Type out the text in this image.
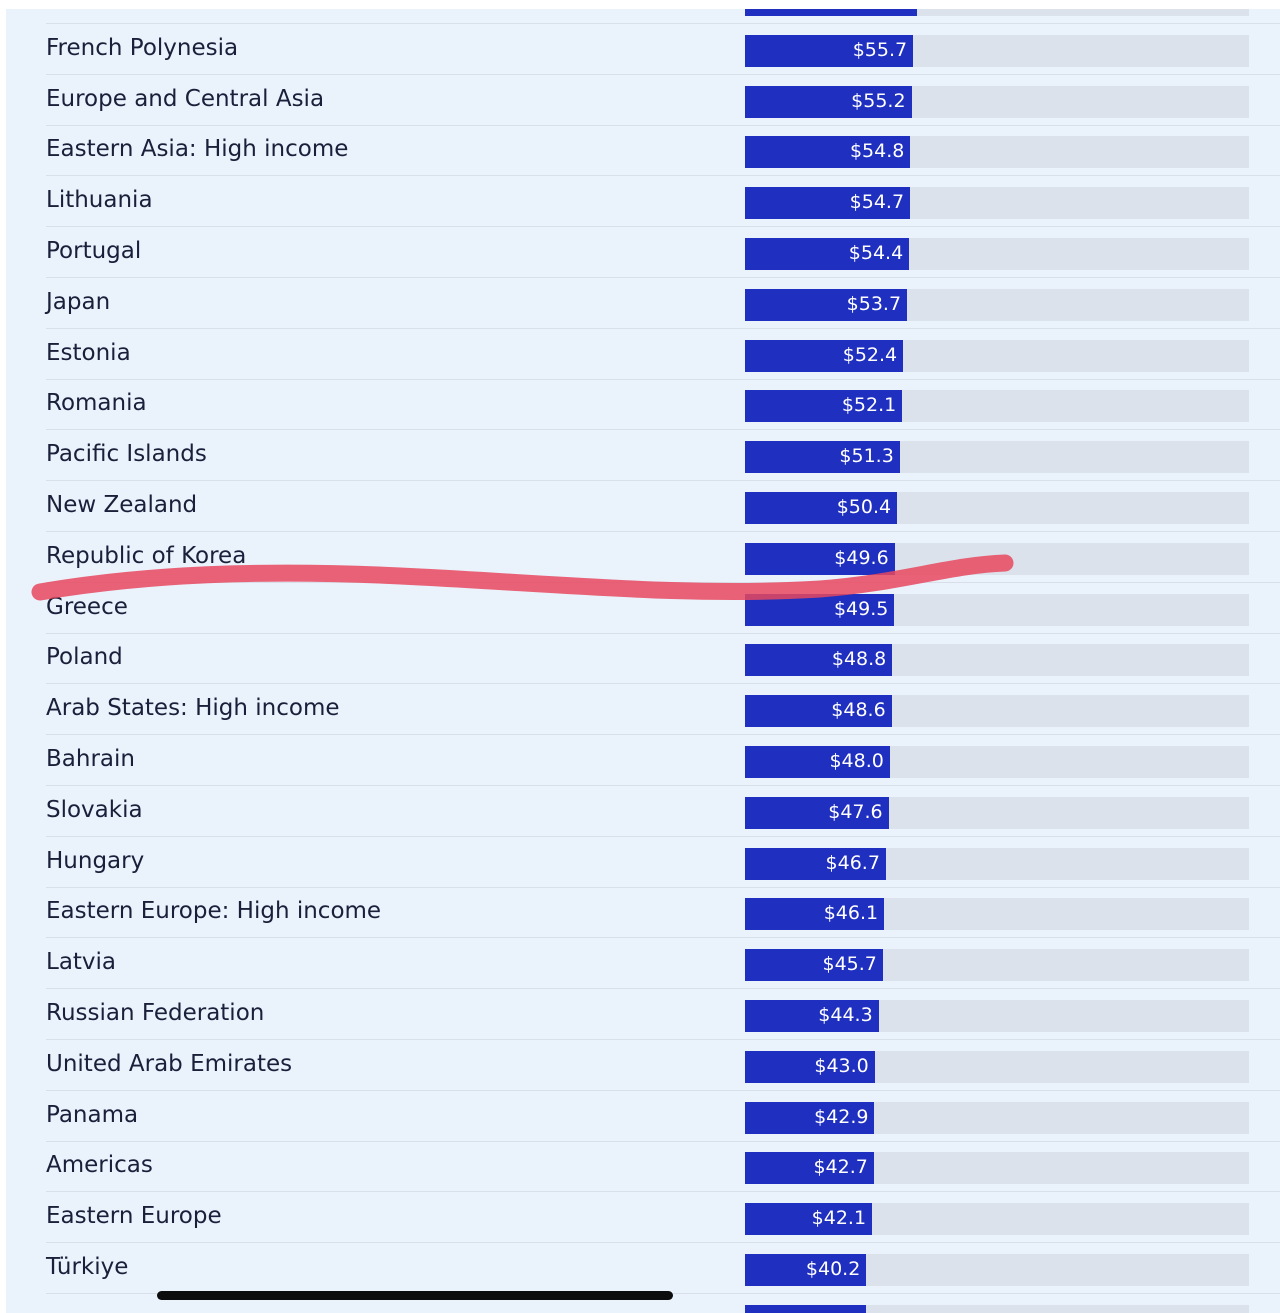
French Polynesia	$55.7
Europe and Central Asia	$55.2
Eastern Asia: High income	$54.8
Lithuania	$54.7
Portugal	$54.4
Japan	$53.7
Estonia	$52.4
Romania	$52.1
Pacific Islands	$51.3
New Zealand	$50.4
Republic of Korea	$49.6
Greece	$49.5
Poland	$48.8
Arab States: High income	$48.6
Bahrain	$48.0
Slovakia	$47.6
Hungary	$46.7
Eastern Europe: High income	$46.1
Latvia	$45.7
Russian Federation	$44.3
United Arab Emirates	$43.0
Panama	$42.9
Americas	$42.7
Eastern Europe	$42.1
Türkiye	$40.2
